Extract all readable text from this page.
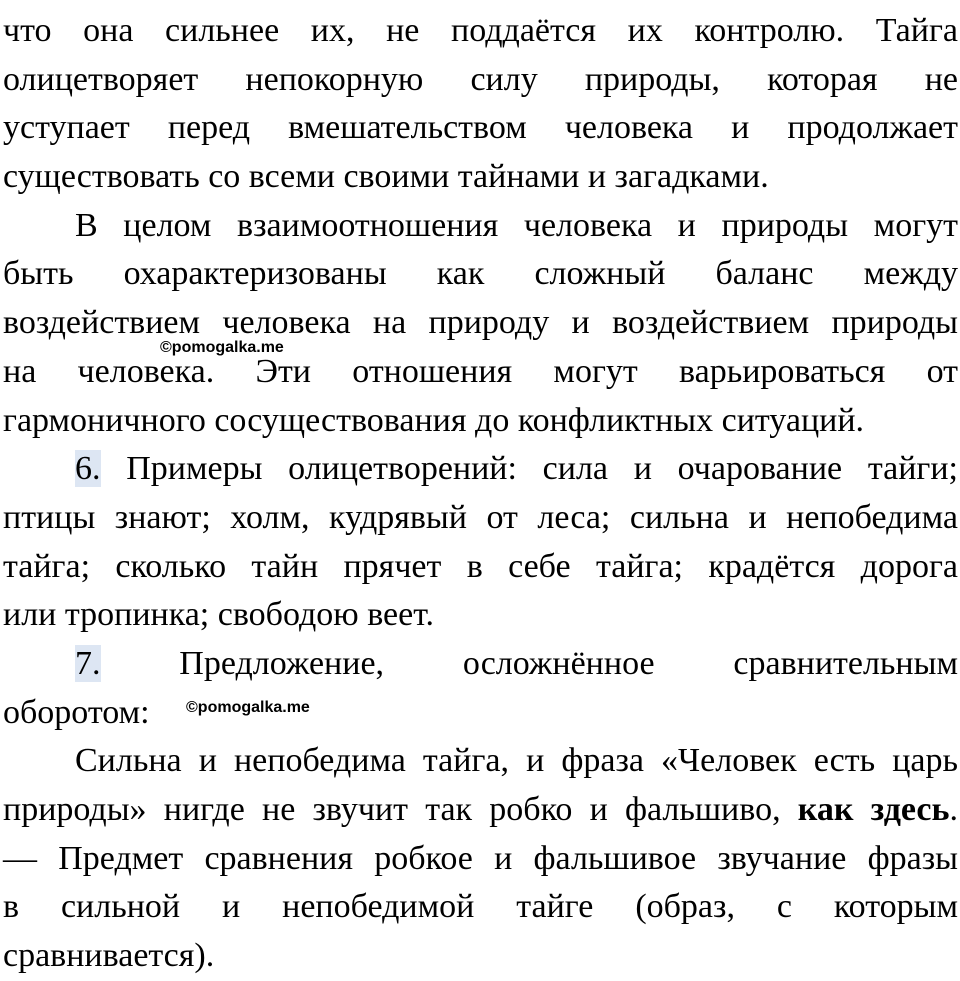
что она сильнее их, не поддаётся их контролю. Тайга
олицетворяет непокорную силу природы, которая не
уступает перед вмешательством человека и продолжает
существовать со всеми своими тайнами и загадками.
В целом взаимоотношения человека и природы могут
быть охарактеризованы как сложный баланс между
воздействием человека на природу и воздействием природы
на человека. Эти отношения могут варьироваться от
гармоничного сосуществования до конфликтных ситуаций.
6. Примеры олицетворений: сила и очарование тайги;
птицы знают; холм, кудрявый от леса; сильна и непобедима
тайга; сколько тайн прячет в себе тайга; крадётся дорога
или тропинка; свободою веет.
7. Предложение, осложнённое сравнительным
оборотом:
Сильна и непобедима тайга, и фраза «Человек есть царь
природы» нигде не звучит так робко и фальшиво, как здесь.
— Предмет сравнения робкое и фальшивое звучание фразы
в сильной и непобедимой тайге (образ, с которым
сравнивается).
©pomogalka.me
©pomogalka.me
